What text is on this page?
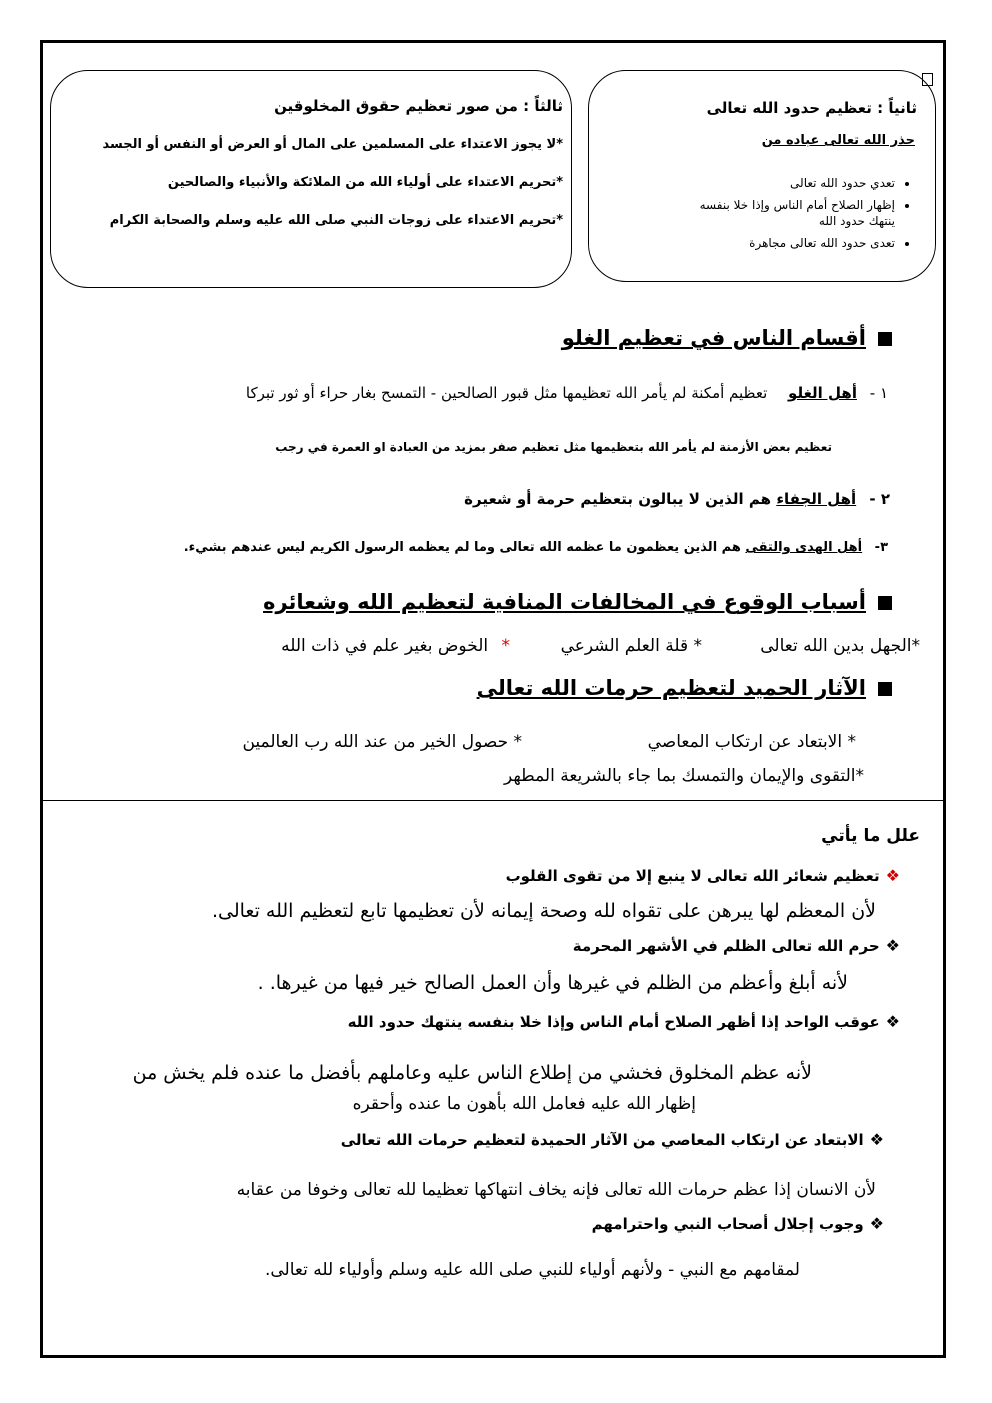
ثانياً : تعظيم حدود الله تعالى
حذر الله تعالى عباده من
• تعدي حدود الله تعالى
• إظهار الصلاح أمام الناس وإذا خلا بنفسه ينتهك حدود الله
• تعدى حدود الله تعالى مجاهرة
ثالثاً : من صور تعظيم حقوق المخلوقين
*لا يجوز الاعتداء على المسلمين على المال أو العرض أو النفس أو الجسد
*تحريم الاعتداء على أولياء الله من الملائكة والأنبياء والصالحين
*تحريم الاعتداء على زوجات النبي صلى الله عليه وسلم والصحابة الكرام
أقسام الناس في تعظيم الغلو
١ - أهل الغلو تعظيم أمكنة لم يأمر الله تعظيمها مثل قبور الصالحين - التمسح بغار حراء أو ثور تبركا
تعظيم بعض الأزمنة لم يأمر الله بتعظيمها مثل تعظيم صفر بمزيد من العبادة او العمرة في رجب
٢ - أهل الجفاء هم الذين لا يبالون بتعظيم حرمة أو شعيرة
٣- أهل الهدى والتقى هم الذين يعظمون ما عظمه الله تعالى وما لم يعظمه الرسول الكريم ليس عندهم بشيء.
أسباب الوقوع في المخالفات المنافية لتعظيم الله وشعائره
*الجهل بدين الله تعالى
* قلة العلم الشرعي
* الخوض بغير علم في ذات الله
الآثار الحميد لتعظيم حرمات الله تعالى
* الابتعاد عن ارتكاب المعاصي
* حصول الخير من عند الله رب العالمين
*التقوى والإيمان والتمسك بما جاء بالشريعة المطهر
علل ما يأتي
❖تعظيم شعائر الله تعالى لا ينبع إلا من تقوى القلوب
لأن المعظم لها يبرهن على تقواه لله وصحة إيمانه لأن تعظيمها تابع لتعظيم الله تعالى.
❖حرم الله تعالى الظلم في الأشهر المحرمة
لأنه أبلغ وأعظم من الظلم في غيرها وأن العمل الصالح خير فيها من غيرها. .
❖عوقب الواحد إذا أظهر الصلاح أمام الناس وإذا خلا بنفسه ينتهك حدود الله
لأنه عظم المخلوق فخشي من إطلاع الناس عليه وعاملهم بأفضل ما عنده فلم يخش من
إظهار الله عليه فعامل الله بأهون ما عنده وأحقره
❖الابتعاد عن ارتكاب المعاصي من الآثار الحميدة لتعظيم حرمات الله تعالى
لأن الانسان إذا عظم حرمات الله تعالى فإنه يخاف انتهاكها تعظيما لله تعالى وخوفا من عقابه
❖وجوب إجلال أصحاب النبي واحترامهم
لمقامهم مع النبي - ولأنهم أولياء للنبي صلى الله عليه وسلم وأولياء لله تعالى.
